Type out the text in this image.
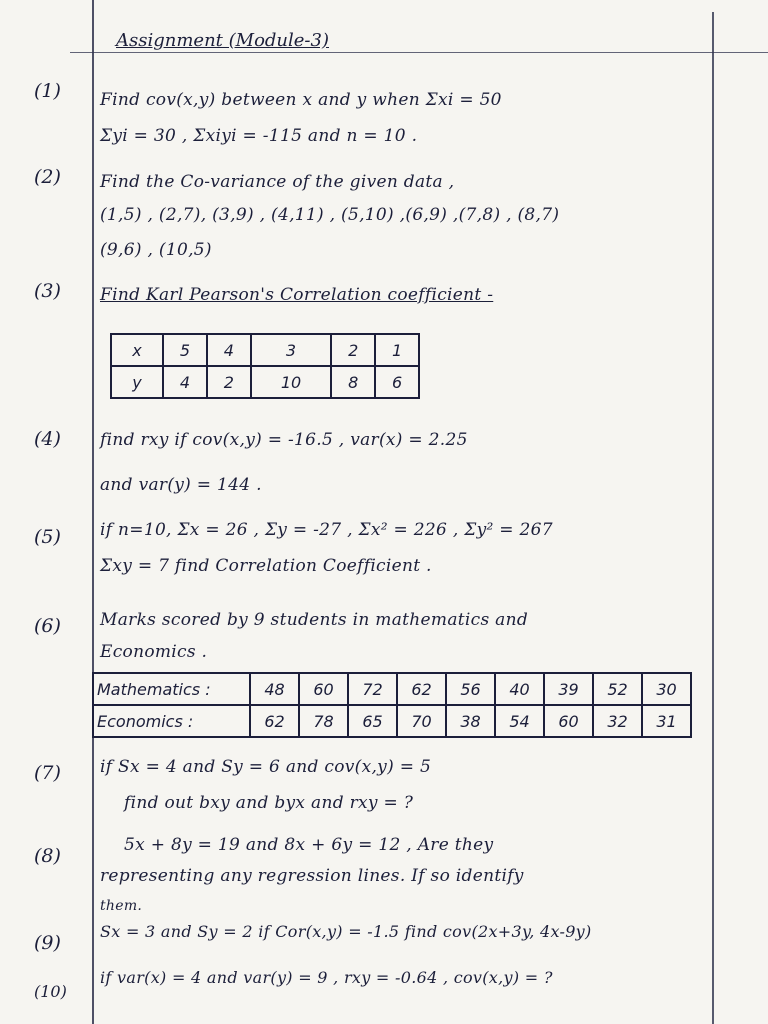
Assignment (Module-3)
(1) Find cov(x,y) between x and y when Σxi = 50
Σyi = 30 , Σxiyi = -115 and n = 10 .
(2) Find the Co-variance of the given data ,
(1,5) , (2,7), (3,9) , (4,11) , (5,10) ,(6,9) ,(7,8) , (8,7)
(9,6) , (10,5)
(3) Find Karl Pearson's Correlation coefficient -
x	5	4	3	2	1
y	4	2	10	8	6
(4) find rxy if cov(x,y) = -16.5 , var(x) = 2.25
and var(y) = 144 .
(5) if n=10, Σx = 26 , Σy = -27 , Σx² = 226 , Σy² = 267
Σxy = 7 find Correlation Coefficient .
(6) Marks scored by 9 students in mathematics and
Economics .
Mathematics :	48	60	72	62	56	40	39	52	30
Economics :	62	78	65	70	38	54	60	32	31
(7) if Sx = 4 and Sy = 6 and cov(x,y) = 5
find out bxy and byx and rxy = ?
(8)	5x + 8y = 19 and 8x + 6y = 12 , Are they
representing any regression lines. If so identify
them.
(9)
Sx = 3 and Sy = 2 if Cor(x,y) = -1.5 find cov(2x+3y, 4x-9y)
(10)
if var(x) = 4 and var(y) = 9 , rxy = -0.64 , cov(x,y) = ?
